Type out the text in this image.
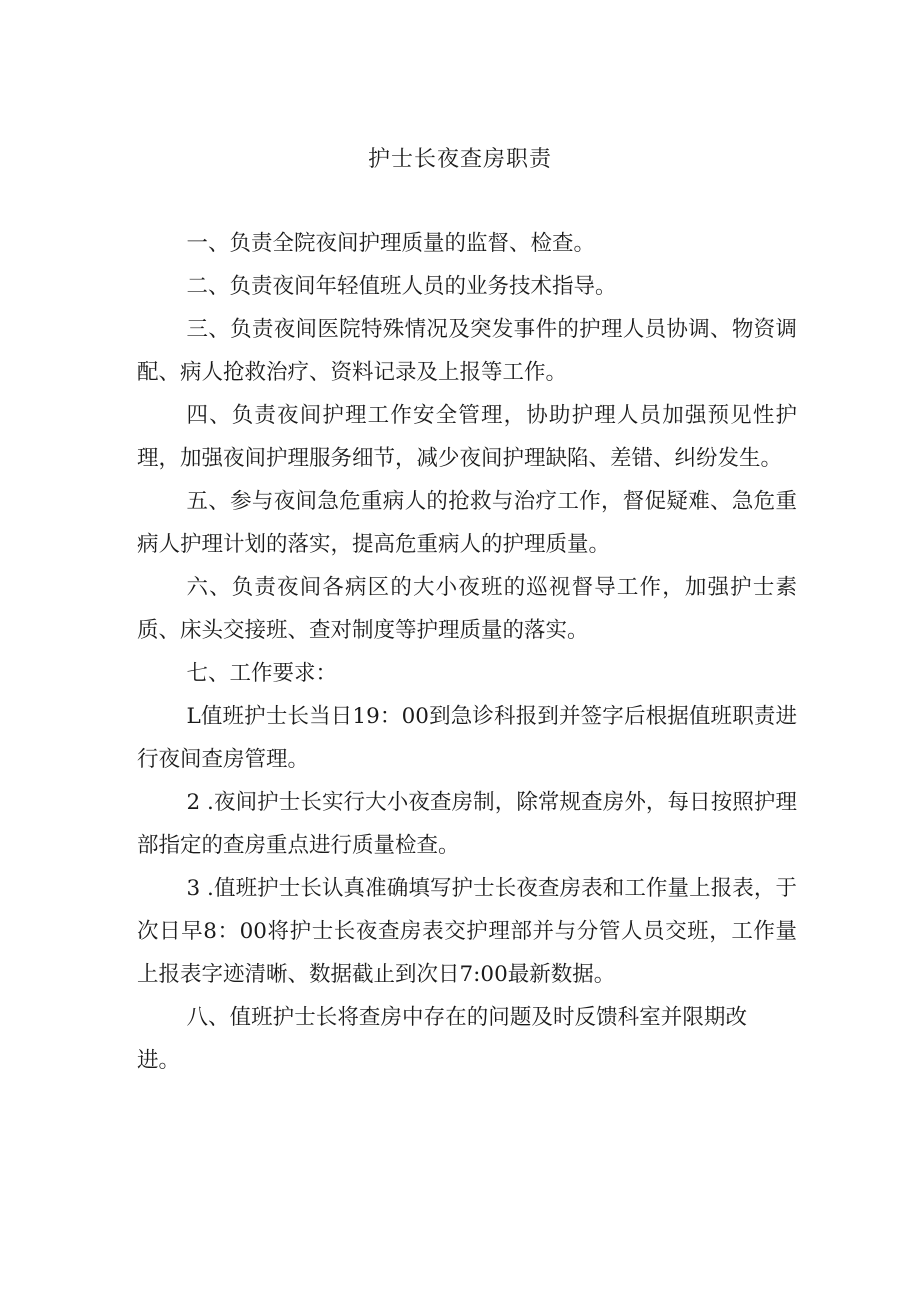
护士长夜查房职责

一、负责全院夜间护理质量的监督、检查。

二、负责夜间年轻值班人员的业务技术指导。

三、负责夜间医院特殊情况及突发事件的护理人员协调、物资调配、病人抢救治疗、资料记录及上报等工作。

四、负责夜间护理工作安全管理，协助护理人员加强预见性护理，加强夜间护理服务细节，减少夜间护理缺陷、差错、纠纷发生。

五、参与夜间急危重病人的抢救与治疗工作，督促疑难、急危重病人护理计划的落实，提高危重病人的护理质量。

六、负责夜间各病区的大小夜班的巡视督导工作，加强护士素质、床头交接班、查对制度等护理质量的落实。

七、工作要求：

L值班护士长当日19：00到急诊科报到并签字后根据值班职责进行夜间查房管理。

2 .夜间护士长实行大小夜查房制，除常规查房外，每日按照护理部指定的查房重点进行质量检查。

3 .值班护士长认真准确填写护士长夜查房表和工作量上报表，于次日早8：00将护士长夜查房表交护理部并与分管人员交班，工作量上报表字迹清晰、数据截止到次日7:00最新数据。

八、值班护士长将查房中存在的问题及时反馈科室并限期改进。
